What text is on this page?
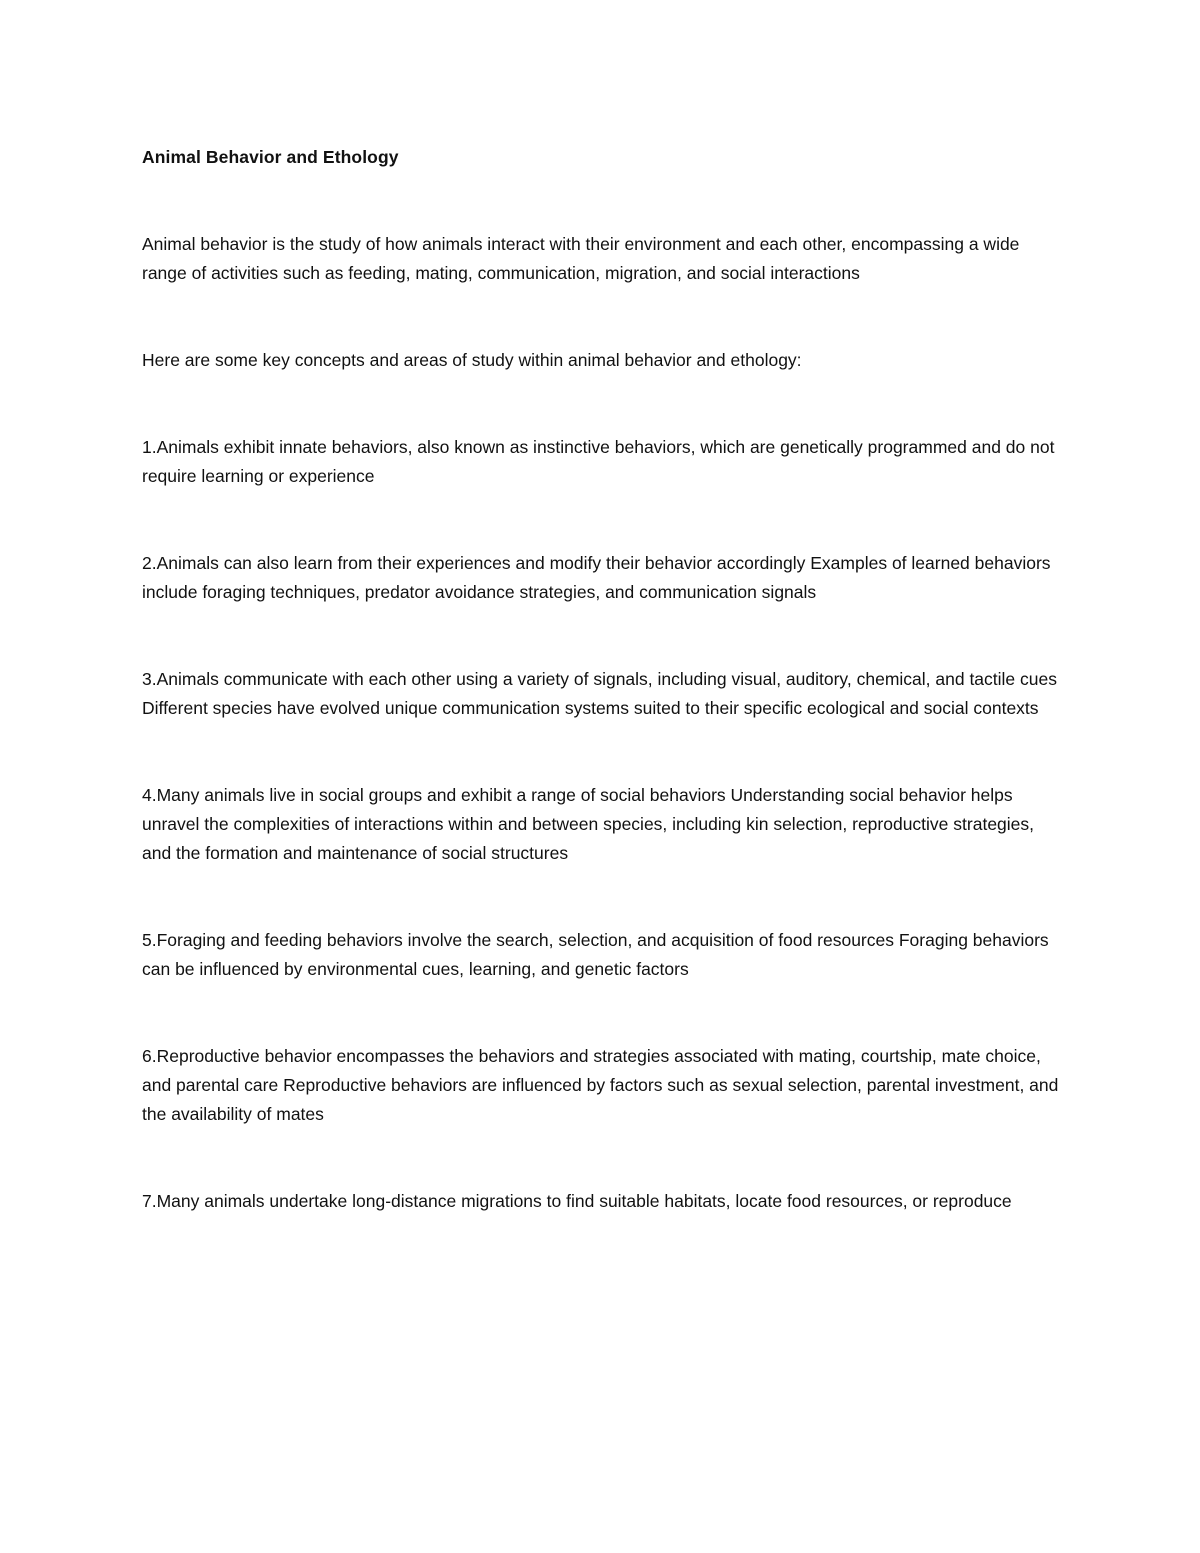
Animal Behavior and Ethology

Animal behavior is the study of how animals interact with their environment and each other, encompassing a wide range of activities such as feeding, mating, communication, migration, and social interactions

Here are some key concepts and areas of study within animal behavior and ethology:

1.Animals exhibit innate behaviors, also known as instinctive behaviors, which are genetically programmed and do not require learning or experience

2.Animals can also learn from their experiences and modify their behavior accordingly Examples of learned behaviors include foraging techniques, predator avoidance strategies, and communication signals

3.Animals communicate with each other using a variety of signals, including visual, auditory, chemical, and tactile cues Different species have evolved unique communication systems suited to their specific ecological and social contexts

4.Many animals live in social groups and exhibit a range of social behaviors Understanding social behavior helps unravel the complexities of interactions within and between species, including kin selection, reproductive strategies, and the formation and maintenance of social structures

5.Foraging and feeding behaviors involve the search, selection, and acquisition of food resources Foraging behaviors can be influenced by environmental cues, learning, and genetic factors

6.Reproductive behavior encompasses the behaviors and strategies associated with mating, courtship, mate choice, and parental care Reproductive behaviors are influenced by factors such as sexual selection, parental investment, and the availability of mates

7.Many animals undertake long-distance migrations to find suitable habitats, locate food resources, or reproduce
